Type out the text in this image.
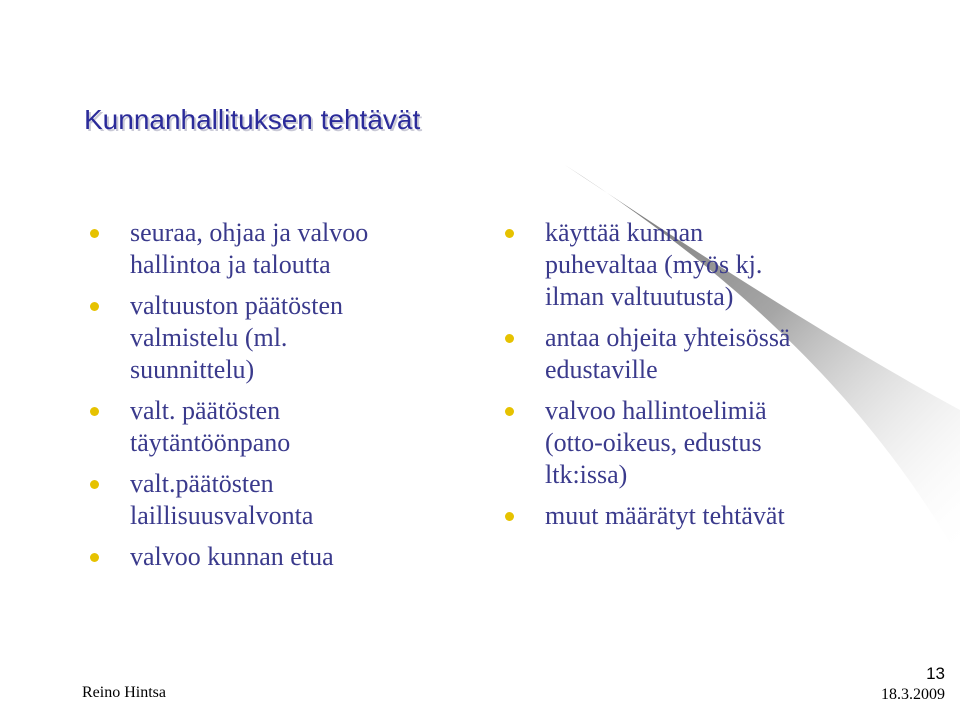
Kunnanhallituksen tehtävät
seuraa, ohjaa ja valvoo
hallintoa ja taloutta
valtuuston päätösten
valmistelu (ml.
suunnittelu)
valt. päätösten
täytäntöönpano
valt.päätösten
laillisuusvalvonta
valvoo kunnan etua
käyttää kunnan
puhevaltaa (myös kj.
ilman valtuutusta)
antaa ohjeita yhteisössä
edustaville
valvoo hallintoelimiä
(otto-oikeus, edustus
ltk:issa)
muut määrätyt tehtävät
Reino Hintsa
13
18.3.2009
